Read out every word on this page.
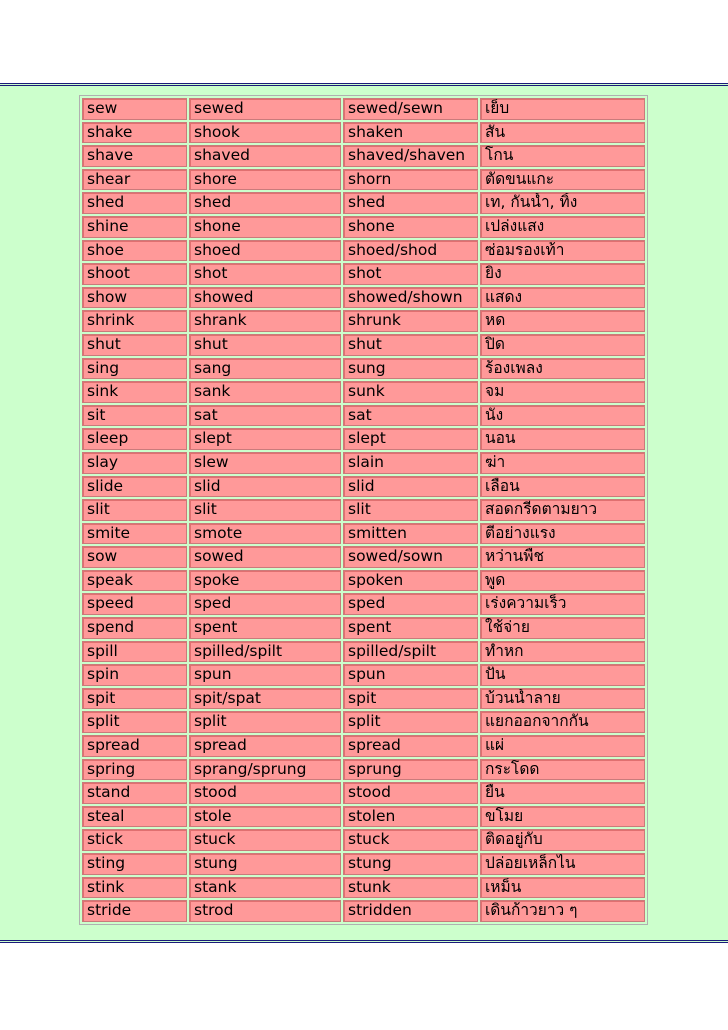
sew	sewed	sewed/sewn	เย็บ
shake	shook	shaken	สั่น
shave	shaved	shaved/shaven	โกน
shear	shore	shorn	ตัดขนแกะ
shed	shed	shed	เท, กันน้ำ, ทิ้ง
shine	shone	shone	เปล่งแสง
shoe	shoed	shoed/shod	ซ่อมรองเท้า
shoot	shot	shot	ยิง
show	showed	showed/shown	แสดง
shrink	shrank	shrunk	หด
shut	shut	shut	ปิด
sing	sang	sung	ร้องเพลง
sink	sank	sunk	จม
sit	sat	sat	นั่ง
sleep	slept	slept	นอน
slay	slew	slain	ฆ่า
slide	slid	slid	เลื่อน
slit	slit	slit	สอดกรีดตามยาว
smite	smote	smitten	ตีอย่างแรง
sow	sowed	sowed/sown	หว่านพืช
speak	spoke	spoken	พูด
speed	sped	sped	เร่งความเร็ว
spend	spent	spent	ใช้จ่าย
spill	spilled/spilt	spilled/spilt	ทำหก
spin	spun	spun	ปั่น
spit	spit/spat	spit	บ้วนน้ำลาย
split	split	split	แยกออกจากกัน
spread	spread	spread	แผ่
spring	sprang/sprung	sprung	กระโดด
stand	stood	stood	ยืน
steal	stole	stolen	ขโมย
stick	stuck	stuck	ติดอยู่กับ
sting	stung	stung	ปล่อยเหล็กไน
stink	stank	stunk	เหม็น
stride	strod	stridden	เดินก้าวยาว ๆ
